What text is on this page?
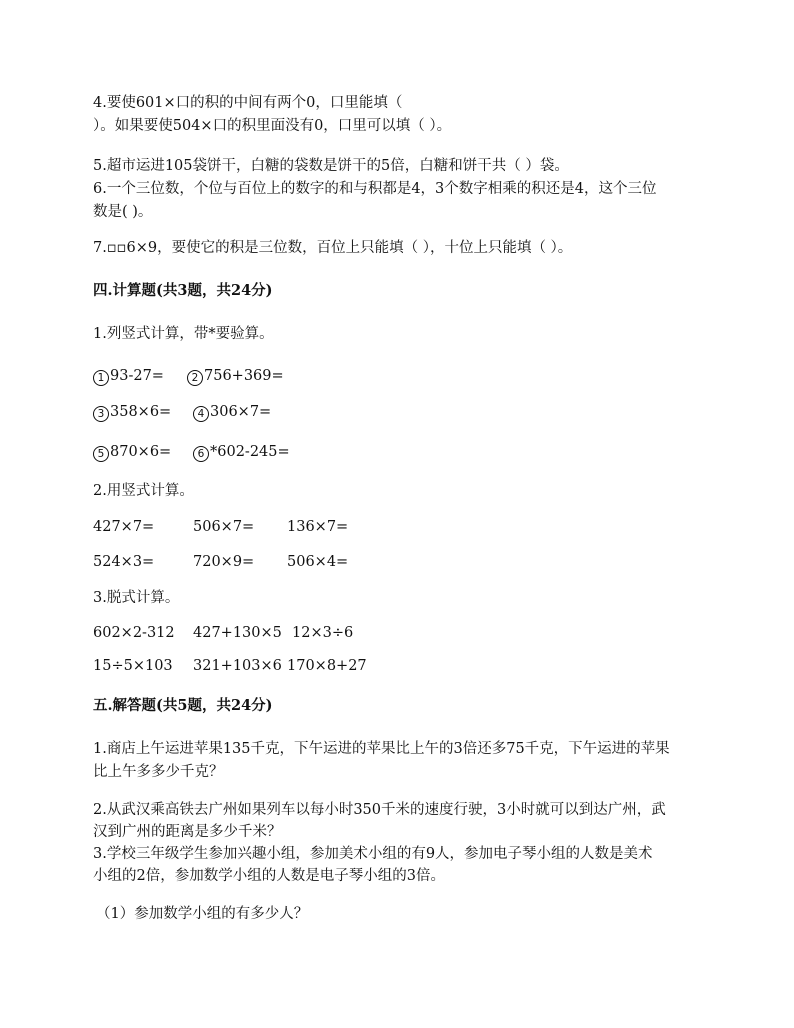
4.要使601×口的积的中间有两个0，口里能填（
）。如果要使504×口的积里面没有0，口里可以填（ ）。
5.超市运进105袋饼干，白糖的袋数是饼干的5倍，白糖和饼干共（ ）袋。
6.一个三位数，个位与百位上的数字的和与积都是4，3个数字相乘的积还是4，这个三位
数是( )。
7.▫▫6×9，要使它的积是三位数，百位上只能填（ ），十位上只能填（ ）。
四.计算题(共3题，共24分)
1.列竖式计算，带*要验算。
1 93-27=	2 756+369=
3 358×6=	4 306×7=
5 870×6=	6 *602-245=
2.用竖式计算。
427×7=	506×7= 136×7=
524×3=	720×9= 506×4=
3.脱式计算。
602×2-312 427+130×5 12×3÷6
15÷5×103 321+103×6 170×8+27
五.解答题(共5题，共24分)
1.商店上午运进苹果135千克，下午运进的苹果比上午的3倍还多75千克，下午运进的苹果
比上午多多少千克？
2.从武汉乘高铁去广州如果列车以每小时350千米的速度行驶，3小时就可以到达广州，武
汉到广州的距离是多少千米？
3.学校三年级学生参加兴趣小组，参加美术小组的有9人，参加电子琴小组的人数是美术
小组的2倍，参加数学小组的人数是电子琴小组的3倍。
（1）参加数学小组的有多少人？
